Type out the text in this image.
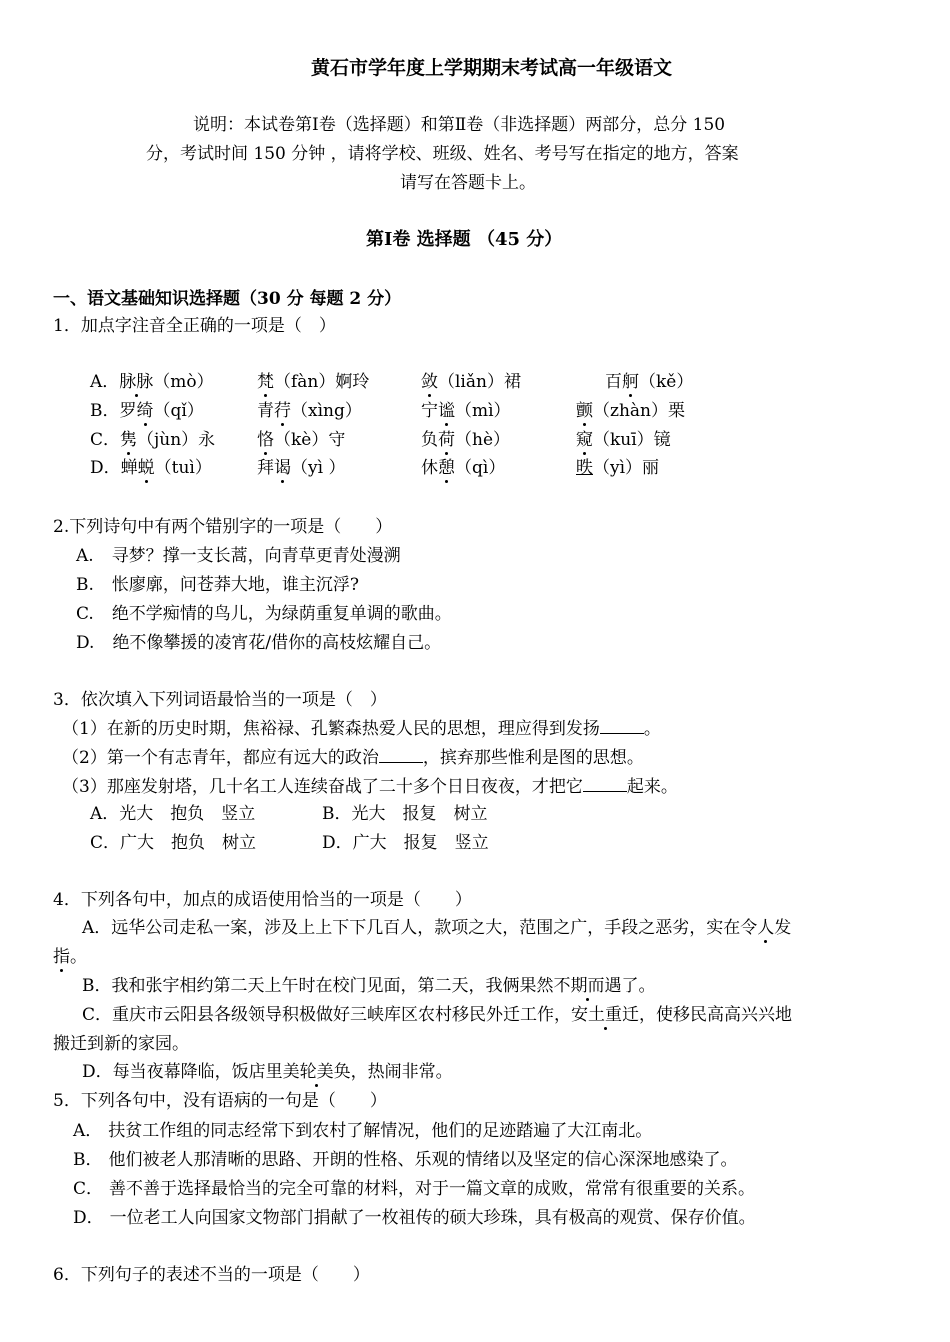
黄石市学年度上学期期末考试高一年级语文
说明：本试卷第Ⅰ卷（选择题）和第Ⅱ卷（非选择题）两部分，总分 150
分，考试时间 150 分钟 ，请将学校、班级、姓名、考号写在指定的地方，答案
请写在答题卡上。
第Ⅰ卷 选择题 （45 分）
一、语文基础知识选择题（30 分 每题 2 分）
1．加点字注音全正确的一项是（　）
A．脉脉（mò）	梵（fàn）婀玲	敛（liǎn）裙	百舸（kě）
B．罗绮（qǐ）	青荇（xìng）	宁谧（mì）	颤（zhàn）栗
C．隽（jùn）永 恪（kè）守	负荷（hè）	窥（kuī）镜
D．蝉蜕（tuì）	拜谒（yì ）	休憩（qì）	昳（yì）丽
2.下列诗句中有两个错别字的一项是（　　）
A. 寻梦？撑一支长蒿，向青草更青处漫溯
B. 怅廖廓，问苍莽大地，谁主沉浮?
C. 绝不学痴情的鸟儿，为绿荫重复单调的歌曲。
D. 绝不像攀援的凌宵花/借你的高枝炫耀自己。
3．依次填入下列词语最恰当的一项是（　）
（1）在新的历史时期，焦裕禄、孔繁森热爱人民的思想，理应得到发扬	。
（2）第一个有志青年，都应有远大的政治	，摈弃那些惟利是图的思想。
（3）那座发射塔，几十名工人连续奋战了二十多个日日夜夜，才把它	起来。
A．光大　抱负　竖立	B．光大　报复　树立
C．广大　抱负　树立	D．广大　报复　竖立
4．下列各句中，加点的成语使用恰当的一项是（　　）
A．远华公司走私一案，涉及上上下下几百人，款项之大，范围之广，手段之恶劣，实在令人发
指。
B．我和张宇相约第二天上午时在校门见面，第二天，我俩果然不期而遇了。
C．重庆市云阳县各级领导积极做好三峡库区农村移民外迁工作，安土重迁，使移民高高兴兴地
搬迁到新的家园。
D．每当夜幕降临，饭店里美轮美奂，热闹非常。
5．下列各句中，没有语病的一句是（　　）
A． 扶贫工作组的同志经常下到农村了解情况，他们的足迹踏遍了大江南北。
B． 他们被老人那清晰的思路、开朗的性格、乐观的情绪以及坚定的信心深深地感染了。
C． 善不善于选择最恰当的完全可靠的材料，对于一篇文章的成败，常常有很重要的关系。
D． 一位老工人向国家文物部门捐献了一枚祖传的硕大珍珠，具有极高的观赏、保存价值。
6．下列句子的表述不当的一项是（　　）
